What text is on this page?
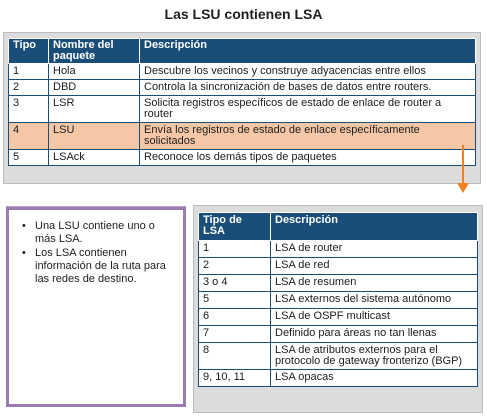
Las LSU contienen LSA
Tipo	Nombre del paquete	Descripción
1	Hola	Descubre los vecinos y construye adyacencias entre ellos
2	DBD	Controla la sincronización de bases de datos entre routers.
3	LSR	Solicita registros específicos de estado de enlace de router a router
4	LSU	Envía los registros de estado de enlace específicamente solicitados
5	LSAck	Reconoce los demás tipos de paquetes
• Una LSU contiene uno o más LSA.
• Los LSA contienen información de la ruta para las redes de destino.
Tipo de LSA	Descripción
1	LSA de router
2	LSA de red
3 o 4	LSA de resumen
5	LSA externos del sistema autónomo
6	LSA de OSPF multicast
7	Definido para áreas no tan llenas
8	LSA de atributos externos para el protocolo de gateway fronterizo (BGP)
9, 10, 11	LSA opacas
